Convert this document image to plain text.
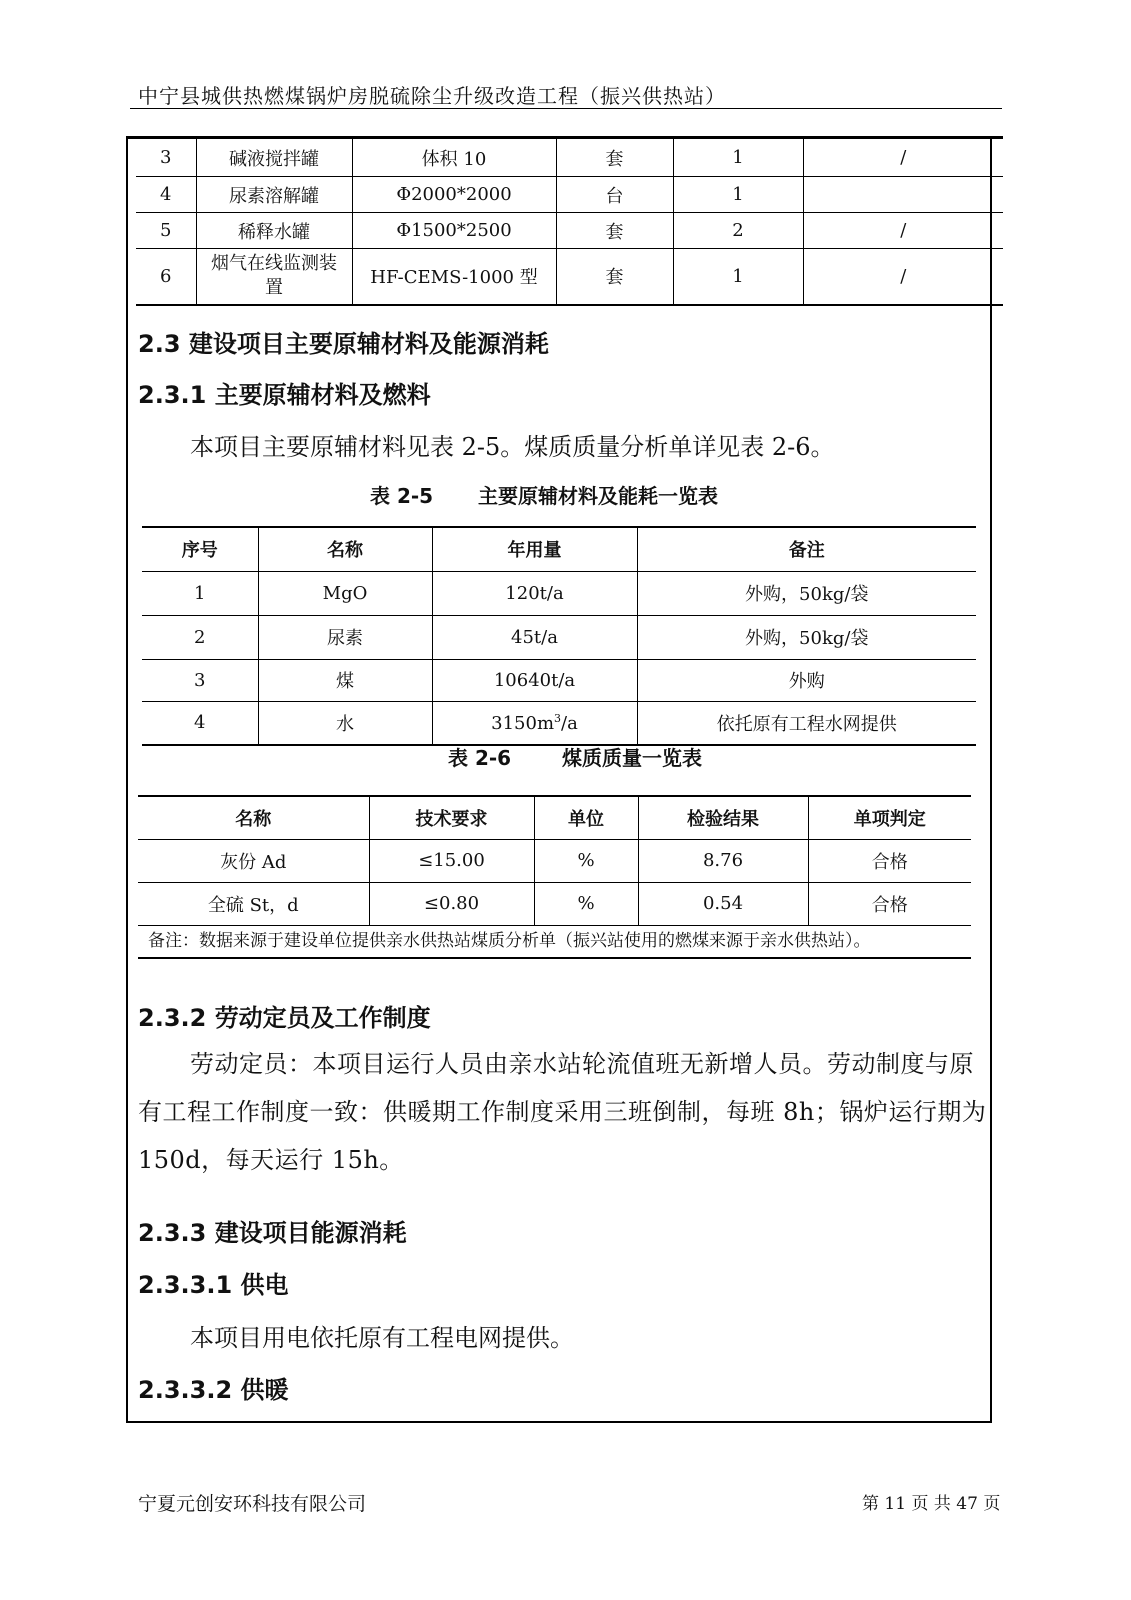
中宁县城供热燃煤锅炉房脱硫除尘升级改造工程（振兴供热站）
3	碱液搅拌罐	体积 10	套	1	/
4	尿素溶解罐	Φ2000*2000	台	1	
5	稀释水罐	Φ1500*2500	套	2	/
6	烟气在线监测装置	HF-CEMS-1000 型	套	1	/
2.3 建设项目主要原辅材料及能源消耗
2.3.1 主要原辅材料及燃料
本项目主要原辅材料见表 2-5。煤质质量分析单详见表 2-6。
表 2-5 主要原辅材料及能耗一览表
序号	名称	年用量	备注
1	MgO	120t/a	外购，50kg/袋
2	尿素	45t/a	外购，50kg/袋
3	煤	10640t/a	外购
4	水	$3150m^3/a$	依托原有工程水网提供
表 2-6	煤质质量一览表
名称	技术要求	单位	检验结果	单项判定
灰份 Ad	≤15.00	%	8.76	合格
全硫 St，d	≤0.80	%	0.54	合格
备注：数据来源于建设单位提供亲水供热站煤质分析单（振兴站使用的燃煤来源于亲水供热站）。				
2.3.2 劳动定员及工作制度
劳动定员：本项目运行人员由亲水站轮流值班无新增人员。劳动制度与原有工程工作制度一致：供暖期工作制度采用三班倒制，每班 8h；锅炉运行期为 150d，每天运行 15h。
2.3.3 建设项目能源消耗
2.3.3.1 供电
本项目用电依托原有工程电网提供。
2.3.3.2 供暖
宁夏元创安环科技有限公司	第 11 页 共 47 页
